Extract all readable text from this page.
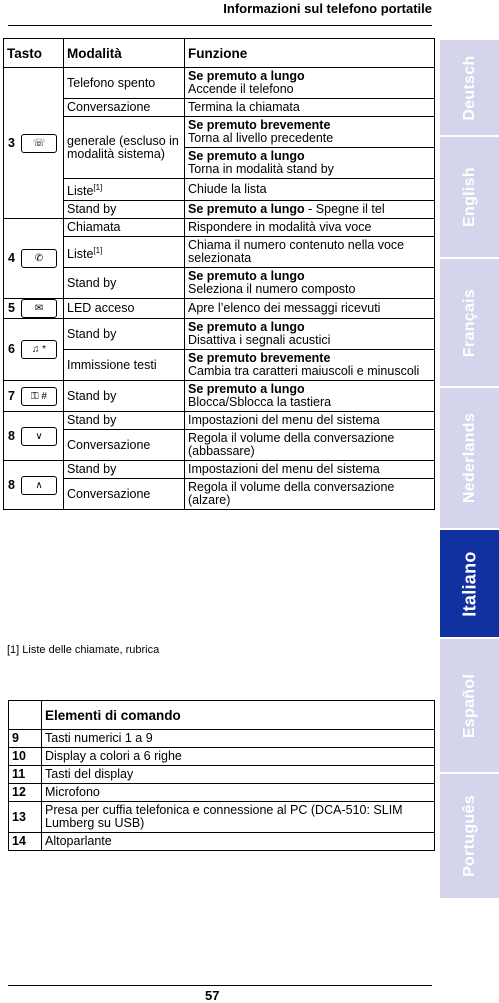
Informazioni sul telefono portatile
Deutsch
English
Français
Nederlands
Italiano
Español
Português
Tasto		Modalità	Funzione
3	☏	Telefono spento	Se premuto a lungo
Accende il telefono
		Conversazione	Termina la chiamata
		generale (escluso in modalità sistema)	Se premuto brevemente
Torna al livello precedente
			Se premuto a lungo
Torna in modalità stand by
		Liste[1]	Chiude la lista
		Stand by	Se premuto a lungo - Spegne il tel
4	✆	Chiamata	Rispondere in modalità viva voce
		Liste[1]	Chiama il numero contenuto nella voce selezionata
		Stand by	Se premuto a lungo
Seleziona il numero composto
5	✉	LED acceso	Apre l’elenco dei messaggi ricevuti
6	♫ *	Stand by	Se premuto a lungo
Disattiva i segnali acustici
		Immissione testi	Se premuto brevemente
Cambia tra caratteri maiuscoli e minuscoli
7	⚿ #	Stand by	Se premuto a lungo
Blocca/Sblocca la tastiera
8	∨	Stand by	Impostazioni del menu del sistema
		Conversazione	Regola il volume della conversazione (abbassare)
8	∧	Stand by	Impostazioni del menu del sistema
		Conversazione	Regola il volume della conversazione (alzare)
[1] Liste delle chiamate, rubrica
	Elementi di comando
9	Tasti numerici 1 a 9
10	Display a colori a 6 righe
11	Tasti del display
12	Microfono
13	Presa per cuffia telefonica e connessione al PC (DCA-510: SLIM Lumberg su USB)
14	Altoparlante
57
